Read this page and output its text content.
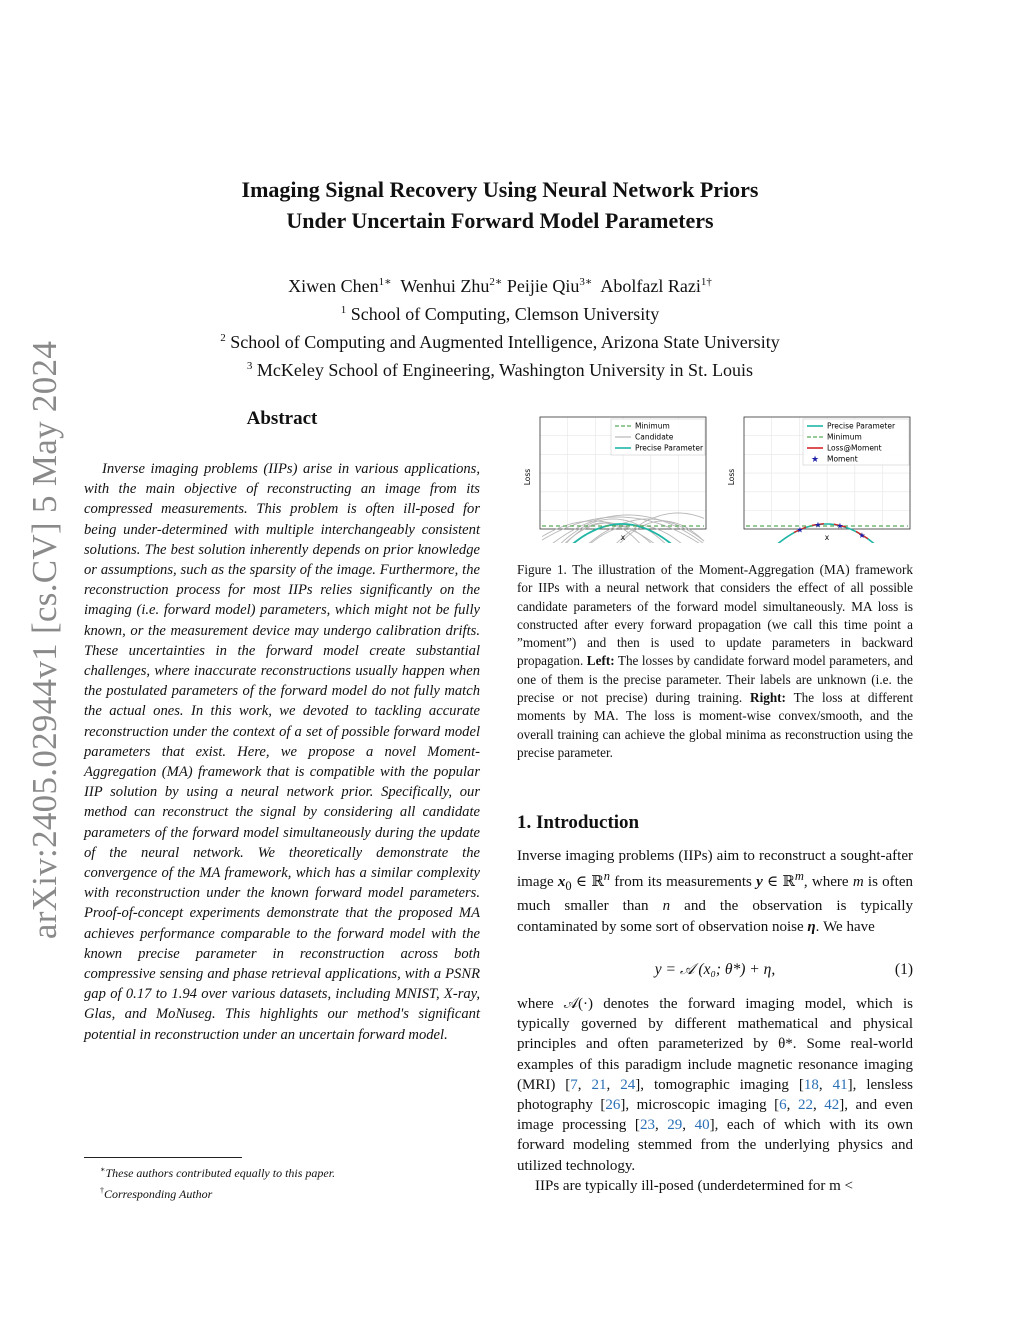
arXiv:2405.02944v1 [cs.CV] 5 May 2024
Imaging Signal Recovery Using Neural Network Priors
Under Uncertain Forward Model Parameters
Xiwen Chen$^{1∗}$ Wenhui Zhu$^{2∗}$ Peijie Qiu$^{3∗}$ Abolfazl Razi$^{1\dagger}$
$^1$ School of Computing, Clemson University
$^2$ School of Computing and Augmented Intelligence, Arizona State University
$^3$ McKeley School of Engineering, Washington University in St. Louis
Abstract
Inverse imaging problems (IIPs) arise in various applications, with the main objective of reconstructing an image from its compressed measurements. This problem is often ill-posed for being under-determined with multiple interchangeably consistent solutions. The best solution inherently depends on prior knowledge or assumptions, such as the sparsity of the image. Furthermore, the reconstruction process for most IIPs relies significantly on the imaging (i.e. forward model) parameters, which might not be fully known, or the measurement device may undergo calibration drifts. These uncertainties in the forward model create substantial challenges, where inaccurate reconstructions usually happen when the postulated parameters of the forward model do not fully match the actual ones. In this work, we devoted to tackling accurate reconstruction under the context of a set of possible forward model parameters that exist. Here, we propose a novel Moment-Aggregation (MA) framework that is compatible with the popular IIP solution by using a neural network prior. Specifically, our method can reconstruct the signal by considering all candidate parameters of the forward model simultaneously during the update of the neural network. We theoretically demonstrate the convergence of the MA framework, which has a similar complexity with reconstruction under the known forward model parameters. Proof-of-concept experiments demonstrate that the proposed MA achieves performance comparable to the forward model with the known precise parameter in reconstruction across both compressive sensing and phase retrieval applications, with a PSNR gap of 0.17 to 1.94 over various datasets, including MNIST, X-ray, Glas, and MoNuseg. This highlights our method's significant potential in reconstruction under an uncertain forward model.
∗These authors contributed equally to this paper.
†Corresponding Author
Minimum
Candidate
Precise Parameter
Loss
x
★
★ ★
★
★
Precise Parameter
Minimum
Loss@Moment
Moment
Loss
x
Figure 1. The illustration of the Moment-Aggregation (MA) framework for IIPs with a neural network that considers the effect of all possible candidate parameters of the forward model simultaneously. MA loss is constructed after every forward propagation (we call this time point a ”moment”) and then is used to update parameters in backward propagation. Left: The losses by candidate forward model parameters, and one of them is the precise parameter. Their labels are unknown (i.e. the precise or not precise) during training. Right: The loss at different moments by MA. The loss is moment-wise convex/smooth, and the overall training can achieve the global minima as reconstruction using the precise parameter.
1. Introduction
Inverse imaging problems (IIPs) aim to reconstruct a sought-after image $x_0$ ∈ ℝ$^n$ from its measurements y ∈ ℝ$^m$, where m is often much smaller than n and the observation is typically contaminated by some sort of observation noise η. We have
y = 𝒜 (x₀; θ*) + η,	(1)
where 𝒜(·) denotes the forward imaging model, which is typically governed by different mathematical and physical principles and often parameterized by θ*. Some real-world examples of this paradigm include magnetic resonance imaging (MRI) [7, 21, 24], tomographic imaging [18, 41], lensless photography [26], microscopic imaging [6, 22, 42], and even image processing [23, 29, 40], each of which with its own forward modeling stemmed from the underlying physics and utilized technology.
IIPs are typically ill-posed (underdetermined for m <
